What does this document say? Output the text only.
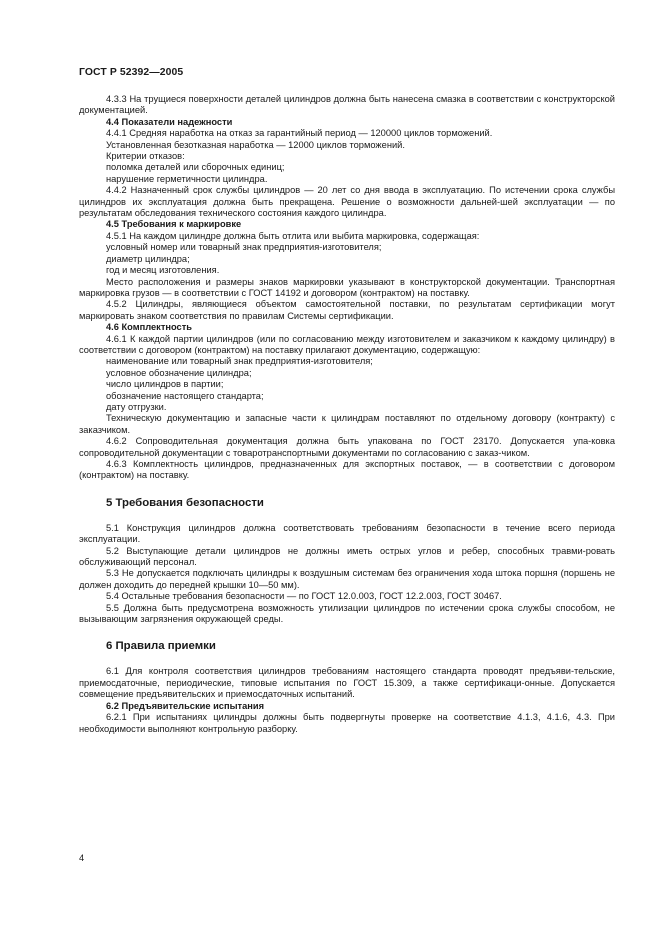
ГОСТ Р 52392—2005

4.3.3 На трущиеся поверхности деталей цилиндров должна быть нанесена смазка в соответствии с конструкторской документацией.

4.4 Показатели надежности

4.4.1 Средняя наработка на отказ за гарантийный период — 120000 циклов торможений.

Установленная безотказная наработка — 12000 циклов торможений.

Критерии отказов:

поломка деталей или сборочных единиц;

нарушение герметичности цилиндра.

4.4.2 Назначенный срок службы цилиндров — 20 лет со дня ввода в эксплуатацию. По истечении срока службы цилиндров их эксплуатация должна быть прекращена. Решение о возможности дальней-шей эксплуатации — по результатам обследования технического состояния каждого цилиндра.

4.5 Требования к маркировке

4.5.1 На каждом цилиндре должна быть отлита или выбита маркировка, содержащая:

условный номер или товарный знак предприятия-изготовителя;

диаметр цилиндра;

год и месяц изготовления.

Место расположения и размеры знаков маркировки указывают в конструкторской документации. Транспортная маркировка грузов — в соответствии с ГОСТ 14192 и договором (контрактом) на поставку.

4.5.2 Цилиндры, являющиеся объектом самостоятельной поставки, по результатам сертификации могут маркировать знаком соответствия по правилам Системы сертификации.

4.6 Комплектность

4.6.1 К каждой партии цилиндров (или по согласованию между изготовителем и заказчиком к каждому цилиндру) в соответствии с договором (контрактом) на поставку прилагают документацию, содержащую:

наименование или товарный знак предприятия-изготовителя;

условное обозначение цилиндра;

число цилиндров в партии;

обозначение настоящего стандарта;

дату отгрузки.

Техническую документацию и запасные части к цилиндрам поставляют по отдельному договору (контракту) с заказчиком.

4.6.2 Сопроводительная документация должна быть упакована по ГОСТ 23170. Допускается упа-ковка сопроводительной документации с товаротранспортными документами по согласованию с заказ-чиком.

4.6.3 Комплектность цилиндров, предназначенных для экспортных поставок, — в соответствии с договором (контрактом) на поставку.

5 Требования безопасности

5.1 Конструкция цилиндров должна соответствовать требованиям безопасности в течение всего периода эксплуатации.

5.2 Выступающие детали цилиндров не должны иметь острых углов и ребер, способных травми-ровать обслуживающий персонал.

5.3 Не допускается подключать цилиндры к воздушным системам без ограничения хода штока поршня (поршень не должен доходить до передней крышки 10—50 мм).

5.4 Остальные требования безопасности — по ГОСТ 12.0.003, ГОСТ 12.2.003, ГОСТ 30467.

5.5 Должна быть предусмотрена возможность утилизации цилиндров по истечении срока службы способом, не вызывающим загрязнения окружающей среды.

6 Правила приемки

6.1 Для контроля соответствия цилиндров требованиям настоящего стандарта проводят предъяви-тельские, приемосдаточные, периодические, типовые испытания по ГОСТ 15.309, а также сертификаци-онные. Допускается совмещение предъявительских и приемосдаточных испытаний.

6.2 Предъявительские испытания

6.2.1 При испытаниях цилиндры должны быть подвергнуты проверке на соответствие 4.1.3, 4.1.6, 4.3. При необходимости выполняют контрольную разборку.

4
